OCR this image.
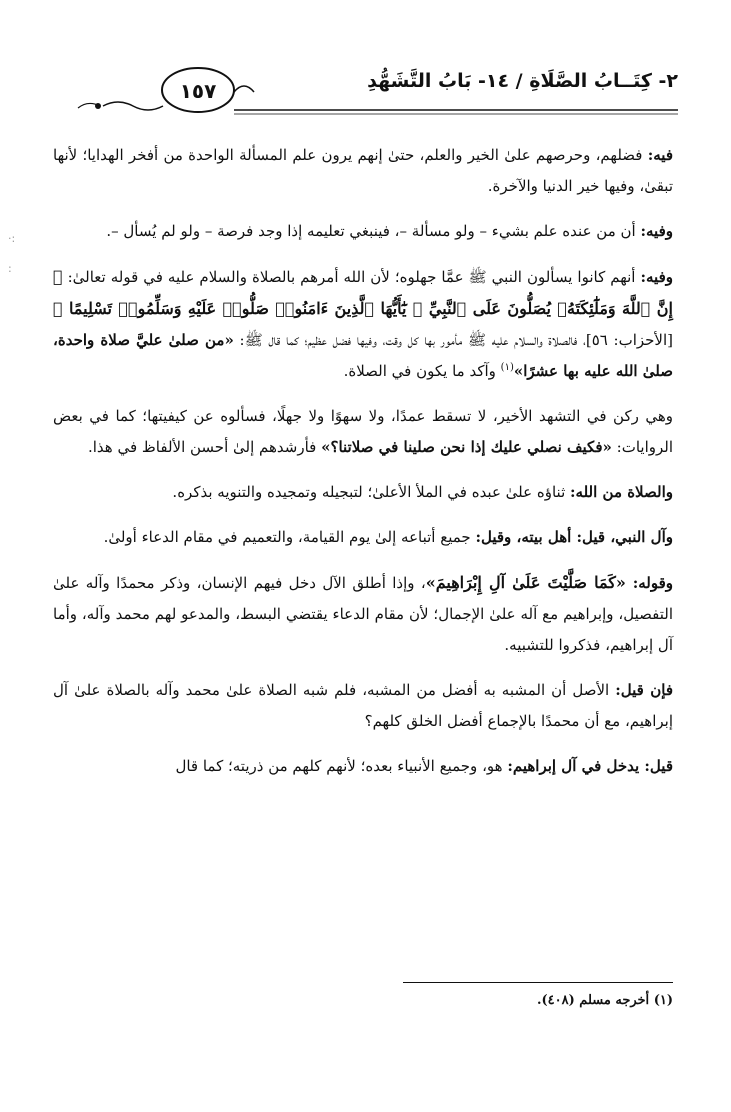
١٥٧	٢- كِتَــابُ الصَّلَاةِ / ١٤- بَابُ التَّشَهُّدِ
·:
:

فيه: فضلهم، وحرصهم علىٰ الخير والعلم، حتىٰ إنهم يرون علم المسألة الواحدة من أفخر الهدايا؛ لأنها تبقىٰ، وفيها خير الدنيا والآخرة.

وفيه: أن من عنده علم بشيء – ولو مسألة –، فينبغي تعليمه إذا وجد فرصة – ولو لم يُسأل –.

وفيه: أنهم كانوا يسألون النبي ﷺ عمَّا جهلوه؛ لأن الله أمرهم بالصلاة والسلام عليه في قوله تعالىٰ: ﴿ إِنَّ ٱللَّهَ وَمَلَٰٓئِكَتَهُۥ يُصَلُّونَ عَلَى ٱلنَّبِيِّ ۚ يَٰٓأَيُّهَا ٱلَّذِينَ ءَامَنُوا۟ صَلُّوا۟ عَلَيْهِ وَسَلِّمُوا۟ تَسْلِيمًا ﴾ [الأحزاب: ٥٦]، فالصلاة والسلام عليه ﷺ مأمور بها كل وقت، وفيها فضل عظيم؛ كما قال ﷺ: «من صلىٰ عليَّ صلاة واحدة، صلىٰ الله عليه بها عشرًا»$^{(١)}$ وآكد ما يكون في الصلاة.

وهي ركن في التشهد الأخير، لا تسقط عمدًا، ولا سهوًا ولا جهلًا، فسألوه عن كيفيتها؛ كما في بعض الروايات: «فكيف نصلي عليك إذا نحن صلينا في صلاتنا؟» فأرشدهم إلىٰ أحسن الألفاظ في هذا.

والصلاة من الله: ثناؤه علىٰ عبده في الملأ الأعلىٰ؛ لتبجيله وتمجيده والتنويه بذكره.

وآل النبي، قيل: أهل بيته، وقيل: جميع أتباعه إلىٰ يوم القيامة، والتعميم في مقام الدعاء أولىٰ.

وقوله: «كَمَا صَلَّيْتَ عَلَىٰ آلِ إِبْرَاهِيمَ»، وإذا أطلق الآل دخل فيهم الإنسان، وذكر محمدًا وآله علىٰ التفصيل، وإبراهيم مع آله علىٰ الإجمال؛ لأن مقام الدعاء يقتضي البسط، والمدعو لهم محمد وآله، وأما آل إبراهيم، فذكروا للتشبيه.

فإن قيل: الأصل أن المشبه به أفضل من المشبه، فلم شبه الصلاة علىٰ محمد وآله بالصلاة علىٰ آل إبراهيم، مع أن محمدًا بالإجماع أفضل الخلق كلهم؟

قيل: يدخل في آل إبراهيم: هو، وجميع الأنبياء بعده؛ لأنهم كلهم من ذريته؛ كما قال

(١) أخرجه مسلم (٤٠٨).
